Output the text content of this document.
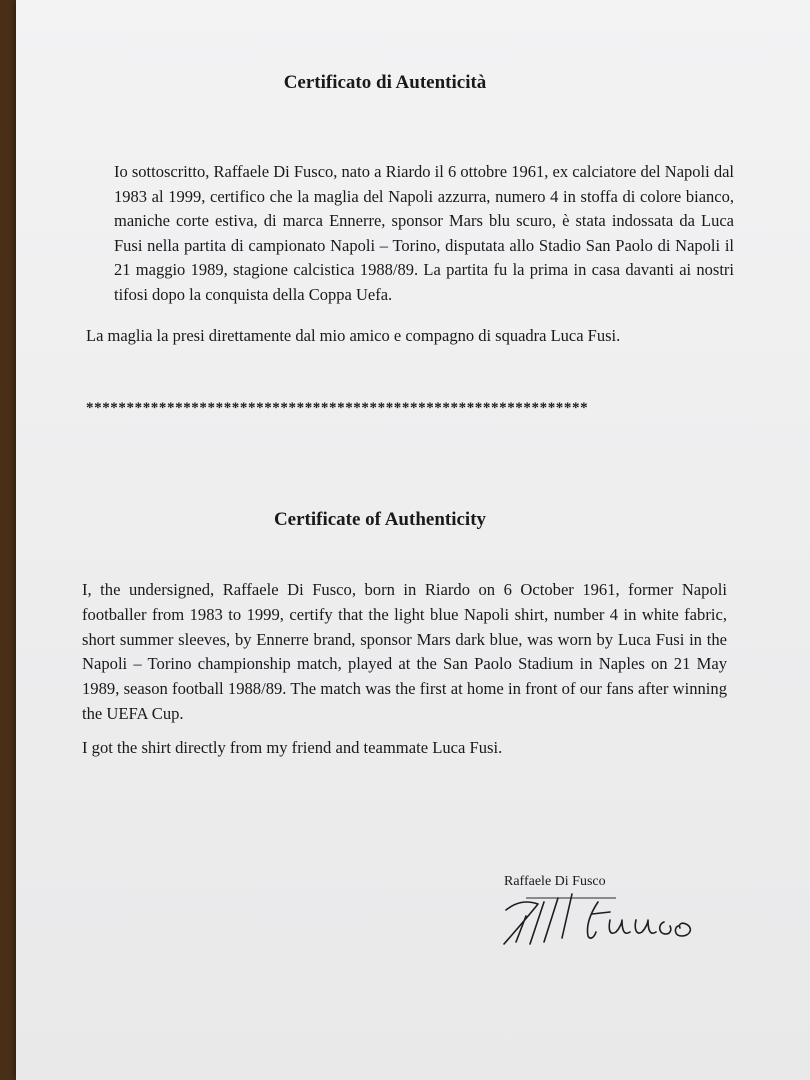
Certificato di Autenticità

Io sottoscritto, Raffaele Di Fusco, nato a Riardo il 6 ottobre 1961, ex calciatore del Napoli dal 1983 al 1999, certifico che la maglia del Napoli azzurra, numero 4 in stoffa di colore bianco, maniche corte estiva, di marca Ennerre, sponsor Mars blu scuro, è stata indossata da Luca Fusi nella partita di campionato Napoli – Torino, disputata allo Stadio San Paolo di Napoli il 21 maggio 1989, stagione calcistica 1988/89. La partita fu la prima in casa davanti ai nostri tifosi dopo la conquista della Coppa Uefa.

La maglia la presi direttamente dal mio amico e compagno di squadra Luca Fusi.

**************************************************************

Certificate of Authenticity

I, the undersigned, Raffaele Di Fusco, born in Riardo on 6 October 1961, former Napoli footballer from 1983 to 1999, certify that the light blue Napoli shirt, number 4 in white fabric, short summer sleeves, by Ennerre brand, sponsor Mars dark blue, was worn by Luca Fusi in the Napoli – Torino championship match, played at the San Paolo Stadium in Naples on 21 May 1989, season football 1988/89. The match was the first at home in front of our fans after winning the UEFA Cup.

I got the shirt directly from my friend and teammate Luca Fusi.

Raffaele Di Fusco
